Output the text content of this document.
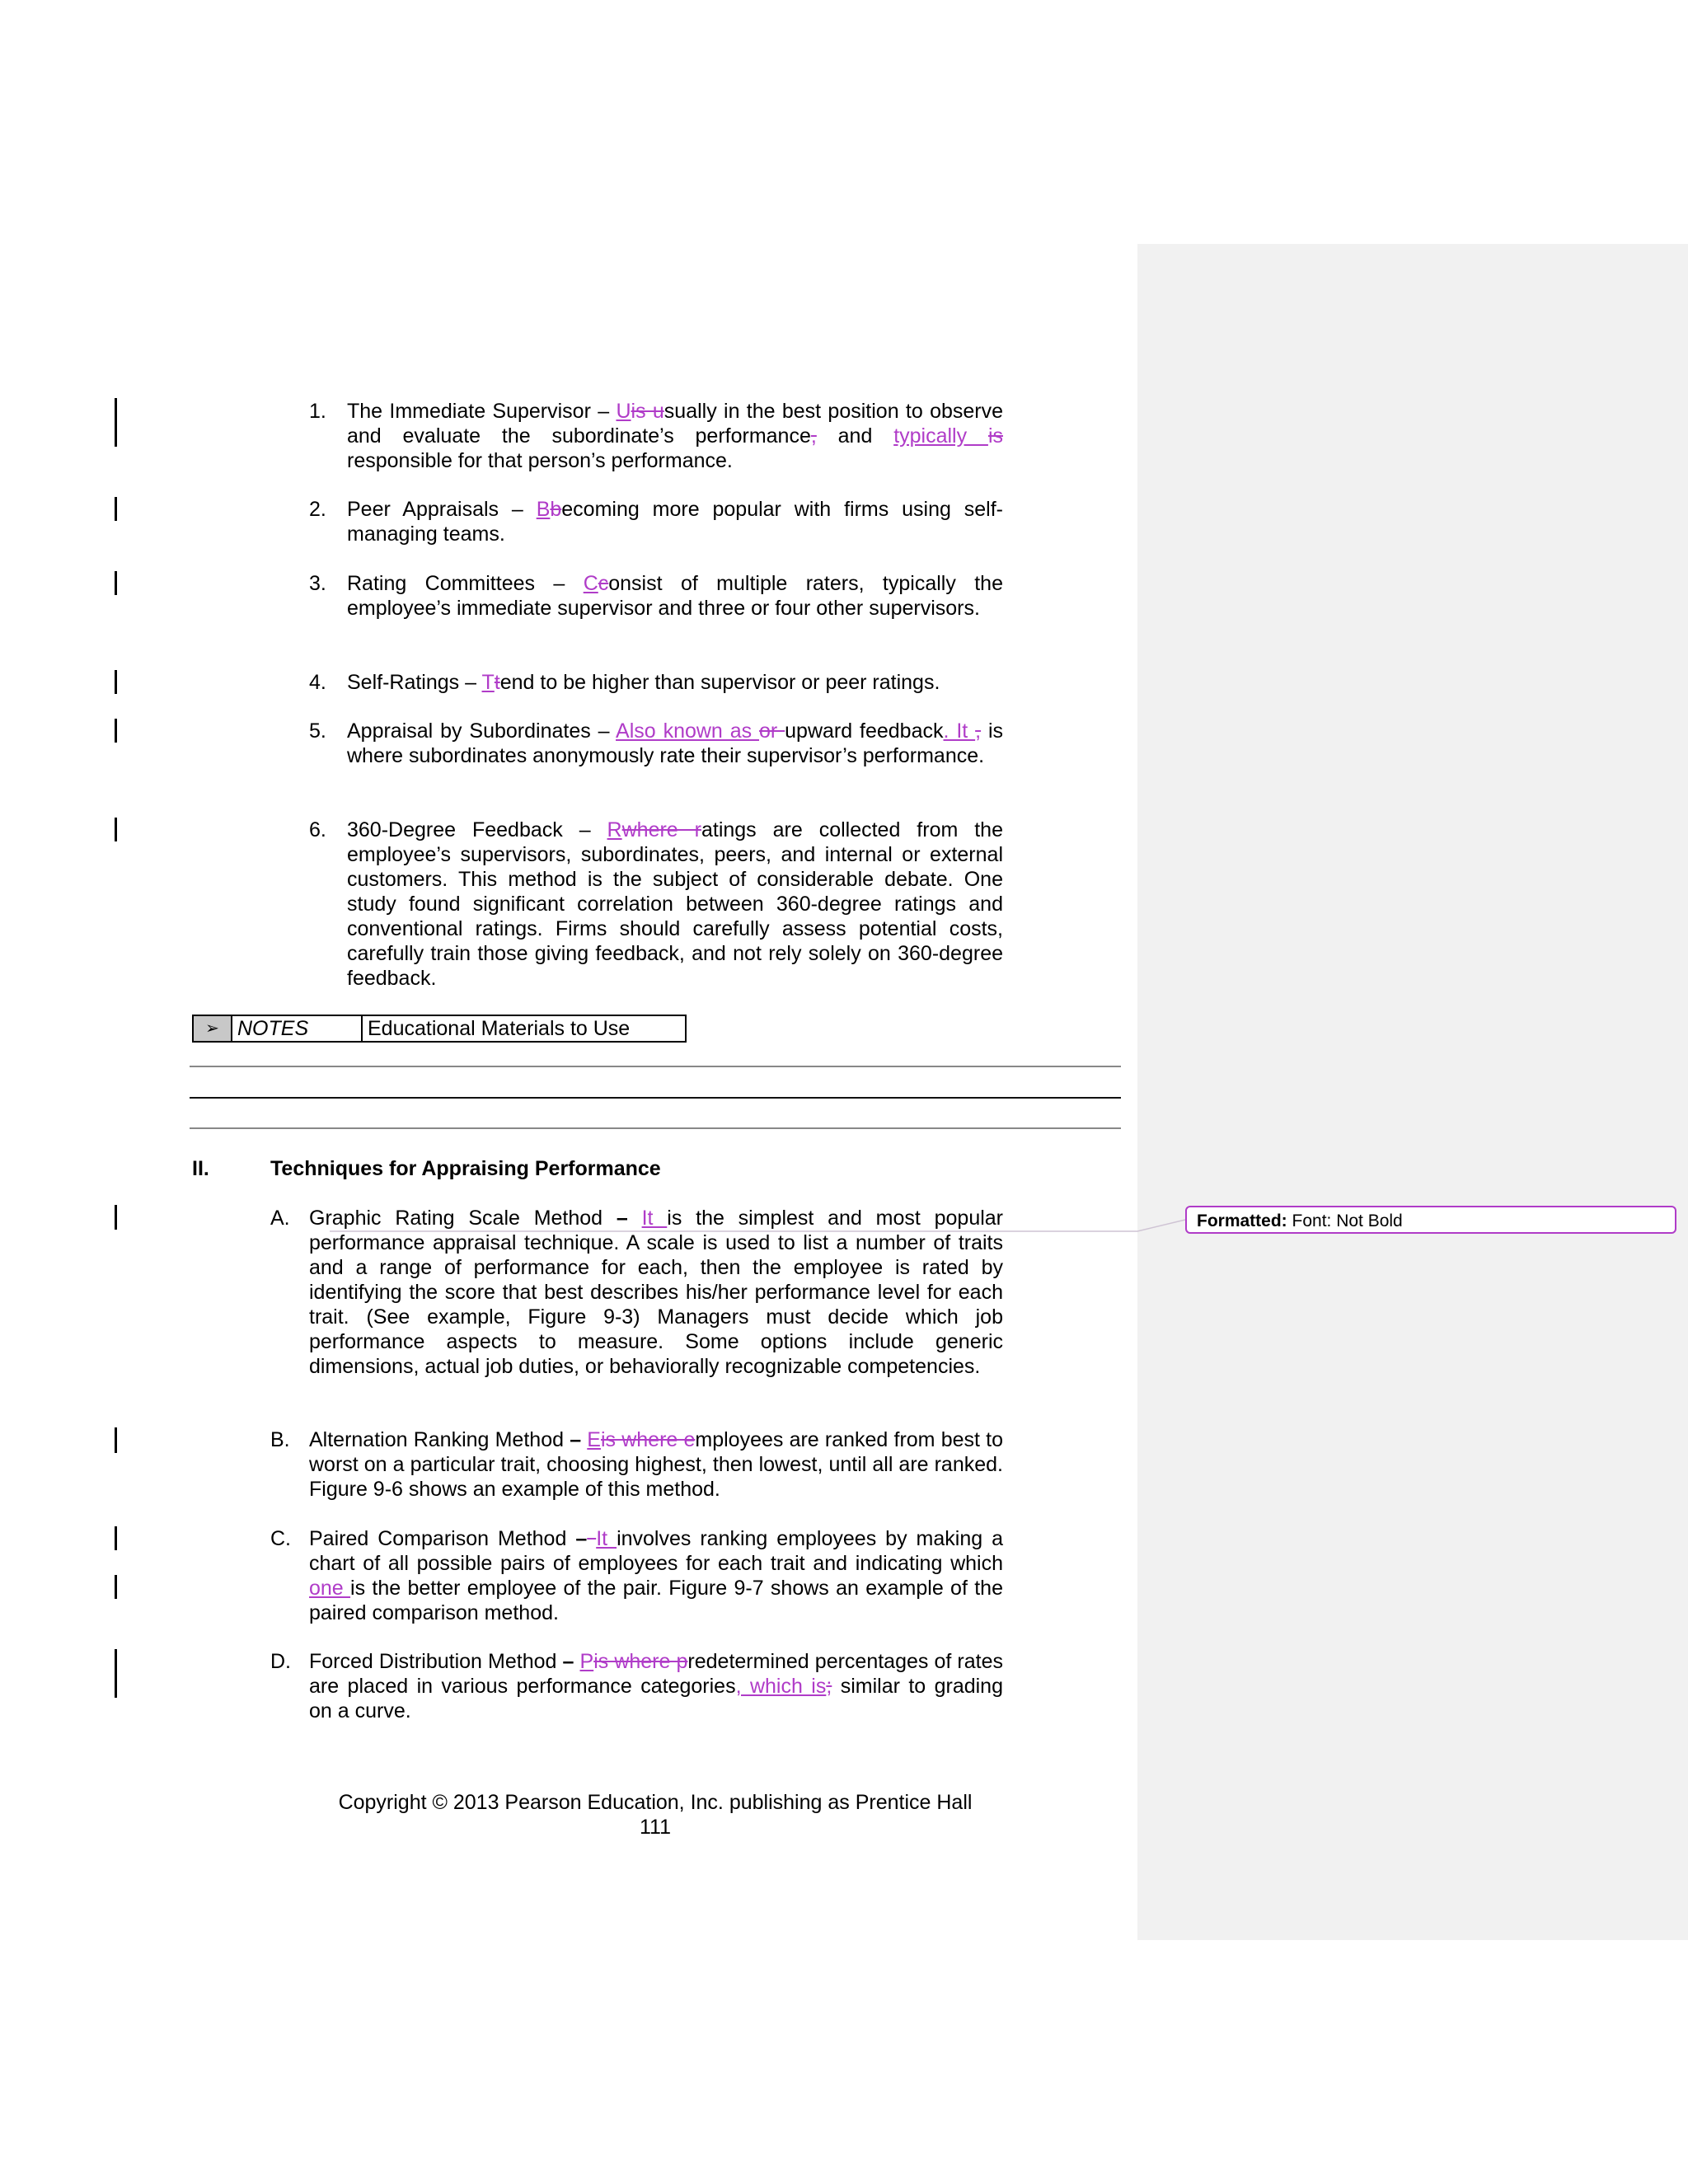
1. The Immediate Supervisor – Uis usually in the best position to observe and evaluate the subordinate’s performance, and typically is responsible for that person’s performance.
2. Peer Appraisals – Bbecoming more popular with firms using self-managing teams.
3. Rating Committees – Cconsist of multiple raters, typically the employee’s immediate supervisor and three or four other supervisors.
4. Self-Ratings – Ttend to be higher than supervisor or peer ratings.
5. Appraisal by Subordinates – Also known as or upward feedback. It , is where subordinates anonymously rate their supervisor’s performance.
6. 360-Degree Feedback – Rwhere ratings are collected from the employee’s supervisors, subordinates, peers, and internal or external customers. This method is the subject of considerable debate. One study found significant correlation between 360-degree ratings and conventional ratings. Firms should carefully assess potential costs, carefully train those giving feedback, and not rely solely on 360-degree feedback.
➢ NOTES	Educational Materials to Use
II.	Techniques for Appraising Performance
A. Graphic Rating Scale Method – It is the simplest and most popular performance appraisal technique. A scale is used to list a number of traits and a range of performance for each, then the employee is rated by identifying the score that best describes his/her performance level for each trait. (See example, Figure 9-3) Managers must decide which job performance aspects to measure. Some options include generic dimensions, actual job duties, or behaviorally recognizable competencies.
B. Alternation Ranking Method – Eis where employees are ranked from best to worst on a particular trait, choosing highest, then lowest, until all are ranked. Figure 9-6 shows an example of this method.
C. Paired Comparison Method – It involves ranking employees by making a chart of all possible pairs of employees for each trait and indicating which one is the better employee of the pair. Figure 9-7 shows an example of the paired comparison method.
D. Forced Distribution Method – Pis where predetermined percentages of rates are placed in various performance categories, which is; similar to grading on a curve.
Copyright © 2013 Pearson Education, Inc. publishing as Prentice Hall
111
Formatted: Font: Not Bold
